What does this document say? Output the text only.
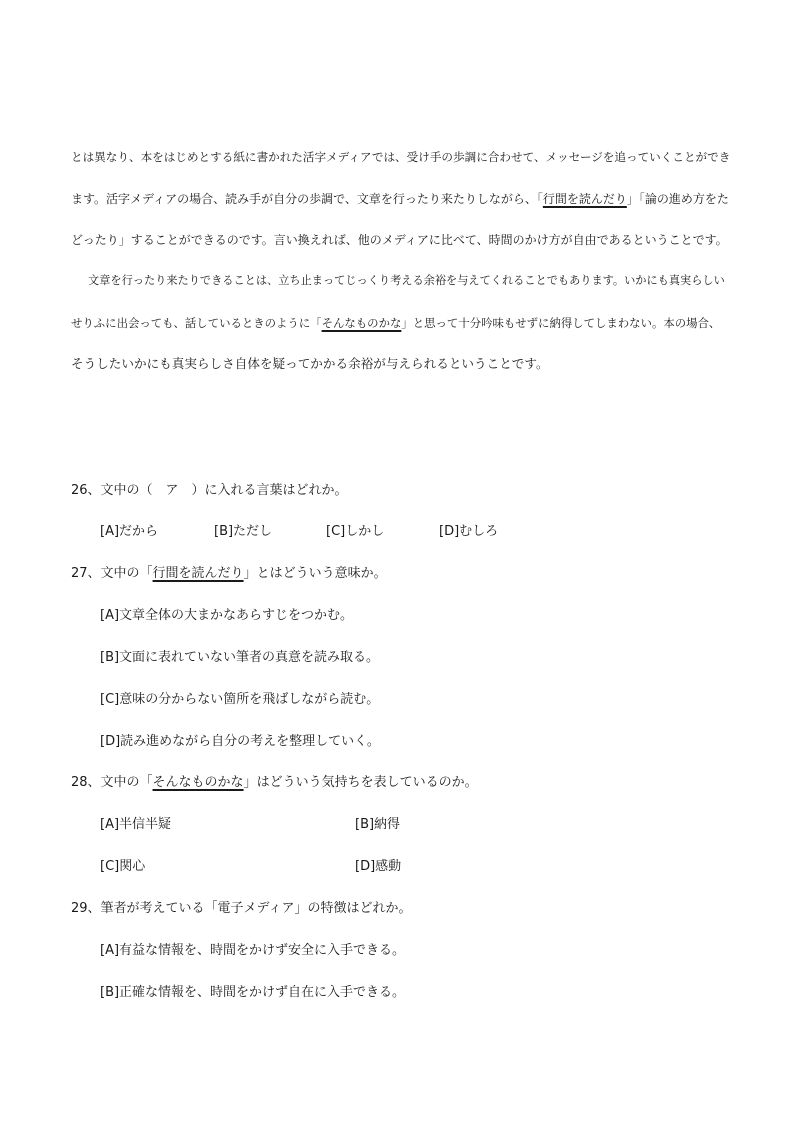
とは異なり、本をはじめとする紙に書かれた活字メディアでは、受け手の歩調に合わせて、メッセージを追っていくことができ
ます。活字メディアの場合、読み手が自分の歩調で、文章を行ったり来たりしながら、「行間を読んだり」「論の進め方をた
どったり」することができるのです。言い換えれば、他のメディアに比べて、時間のかけ方が自由であるということです。
文章を行ったり来たりできることは、立ち止まってじっくり考える余裕を与えてくれることでもあります。いかにも真実らしい
せりふに出会っても、話しているときのように「そんなものかな」と思って十分吟味もせずに納得してしまわない。本の場合、
そうしたいかにも真実らしさ自体を疑ってかかる余裕が与えられるということです。
26、文中の（　ア　）に入れる言葉はどれか。
[A]だから	[B]ただし	[C]しかし	[D]むしろ
27、文中の「行間を読んだり」とはどういう意味か。
[A]文章全体の大まかなあらすじをつかむ。
[B]文面に表れていない筆者の真意を読み取る。
[C]意味の分からない箇所を飛ばしながら読む。
[D]読み進めながら自分の考えを整理していく。
28、文中の「そんなものかな」はどういう気持ちを表しているのか。
[A]半信半疑	[B]納得
[C]関心	[D]感動
29、筆者が考えている「電子メディア」の特徴はどれか。
[A]有益な情報を、時間をかけず安全に入手できる。
[B]正確な情報を、時間をかけず自在に入手できる。
